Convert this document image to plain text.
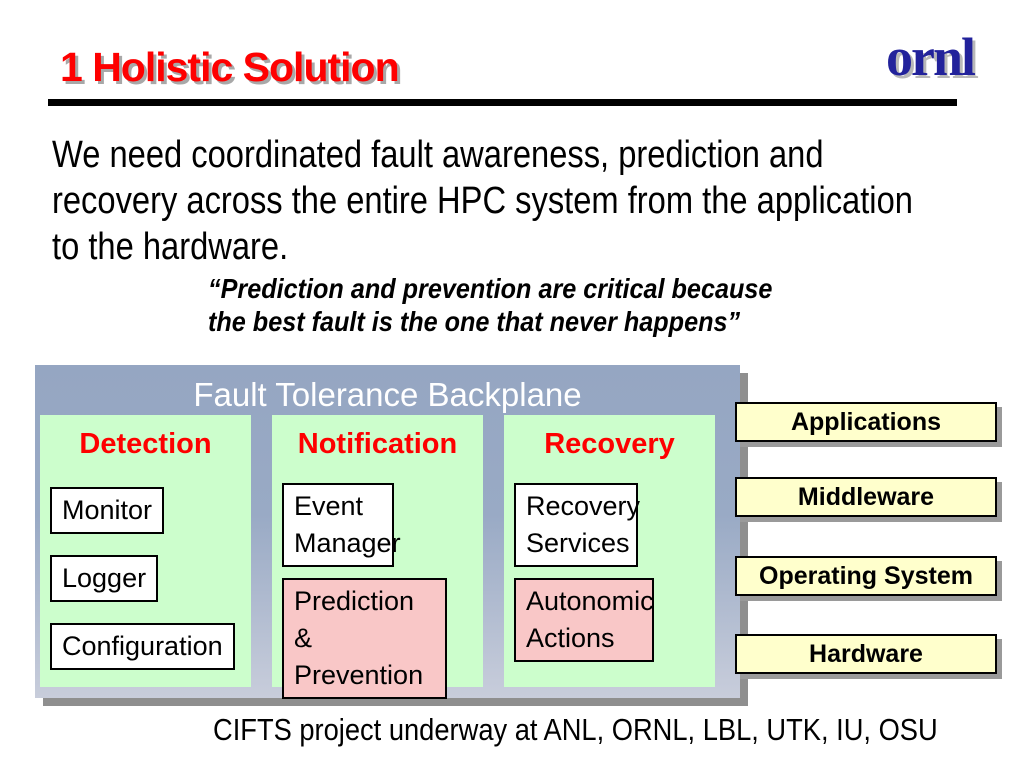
1 Holistic Solution	ornl
We need coordinated fault awareness, prediction and
recovery across the entire HPC system from the application
to the hardware.
“Prediction and prevention are critical because
the best fault is the one that never happens”
Fault Tolerance Backplane
Detection
Monitor
Logger
Configuration
Notification
Event Manager
Prediction & Prevention
Recovery
Recovery Services
Autonomic Actions
Applications
Middleware
Operating System
Hardware
CIFTS project underway at ANL, ORNL, LBL, UTK, IU, OSU
